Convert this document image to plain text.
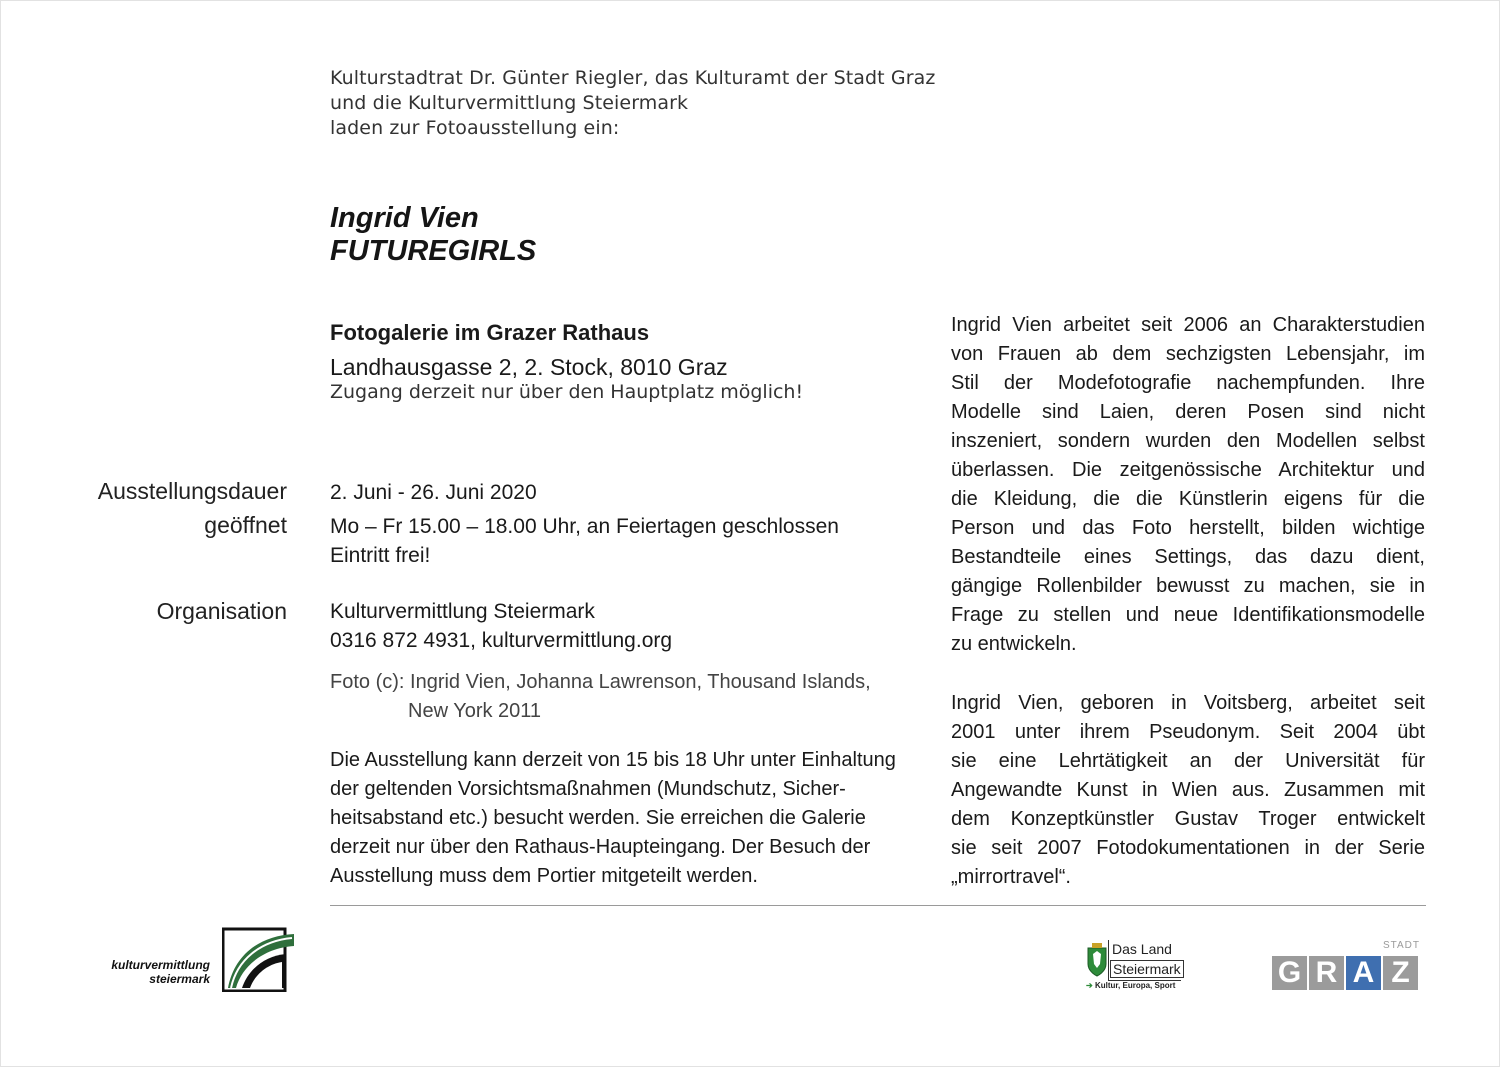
Kulturstadtrat Dr. Günter Riegler, das Kulturamt der Stadt Graz
und die Kulturvermittlung Steiermark
laden zur Fotoausstellung ein:
Ingrid Vien
FUTUREGIRLS
Fotogalerie im Grazer Rathaus
Landhausgasse 2, 2. Stock, 8010 Graz
Zugang derzeit nur über den Hauptplatz möglich!
Ausstellungsdauer
geöffnet
Organisation
2. Juni - 26. Juni 2020
Mo – Fr 15.00 – 18.00 Uhr, an Feiertagen geschlossen
Eintritt frei!
Kulturvermittlung Steiermark
0316 872 4931, kulturvermittlung.org
Foto (c): Ingrid Vien, Johanna Lawrenson, Thousand Islands,
New York 2011
Die Ausstellung kann derzeit von 15 bis 18 Uhr unter Einhaltung
der geltenden Vorsichtsmaßnahmen (Mundschutz, Sicher-
heitsabstand etc.) besucht werden. Sie erreichen die Galerie
derzeit nur über den Rathaus-Haupteingang. Der Besuch der
Ausstellung muss dem Portier mitgeteilt werden.
Ingrid Vien arbeitet seit 2006 an Charakterstudien
von Frauen ab dem sechzigsten Lebensjahr, im
Stil der Modefotografie nachempfunden. Ihre
Modelle sind Laien, deren Posen sind nicht
inszeniert, sondern wurden den Modellen selbst
überlassen. Die zeitgenössische Architektur und
die Kleidung, die die Künstlerin eigens für die
Person und das Foto herstellt, bilden wichtige
Bestandteile eines Settings, das dazu dient,
gängige Rollenbilder bewusst zu machen, sie in
Frage zu stellen und neue Identifikationsmodelle
zu entwickeln.
Ingrid Vien, geboren in Voitsberg, arbeitet seit
2001 unter ihrem Pseudonym. Seit 2004 übt
sie eine Lehrtätigkeit an der Universität für
Angewandte Kunst in Wien aus. Zusammen mit
dem Konzeptkünstler Gustav Troger entwickelt
sie seit 2007 Fotodokumentationen in der Serie
„mirrortravel“.
kulturvermittlung
steiermark
Das Land
Steiermark
➔ Kultur, Europa, Sport
STADT
G R A Z
